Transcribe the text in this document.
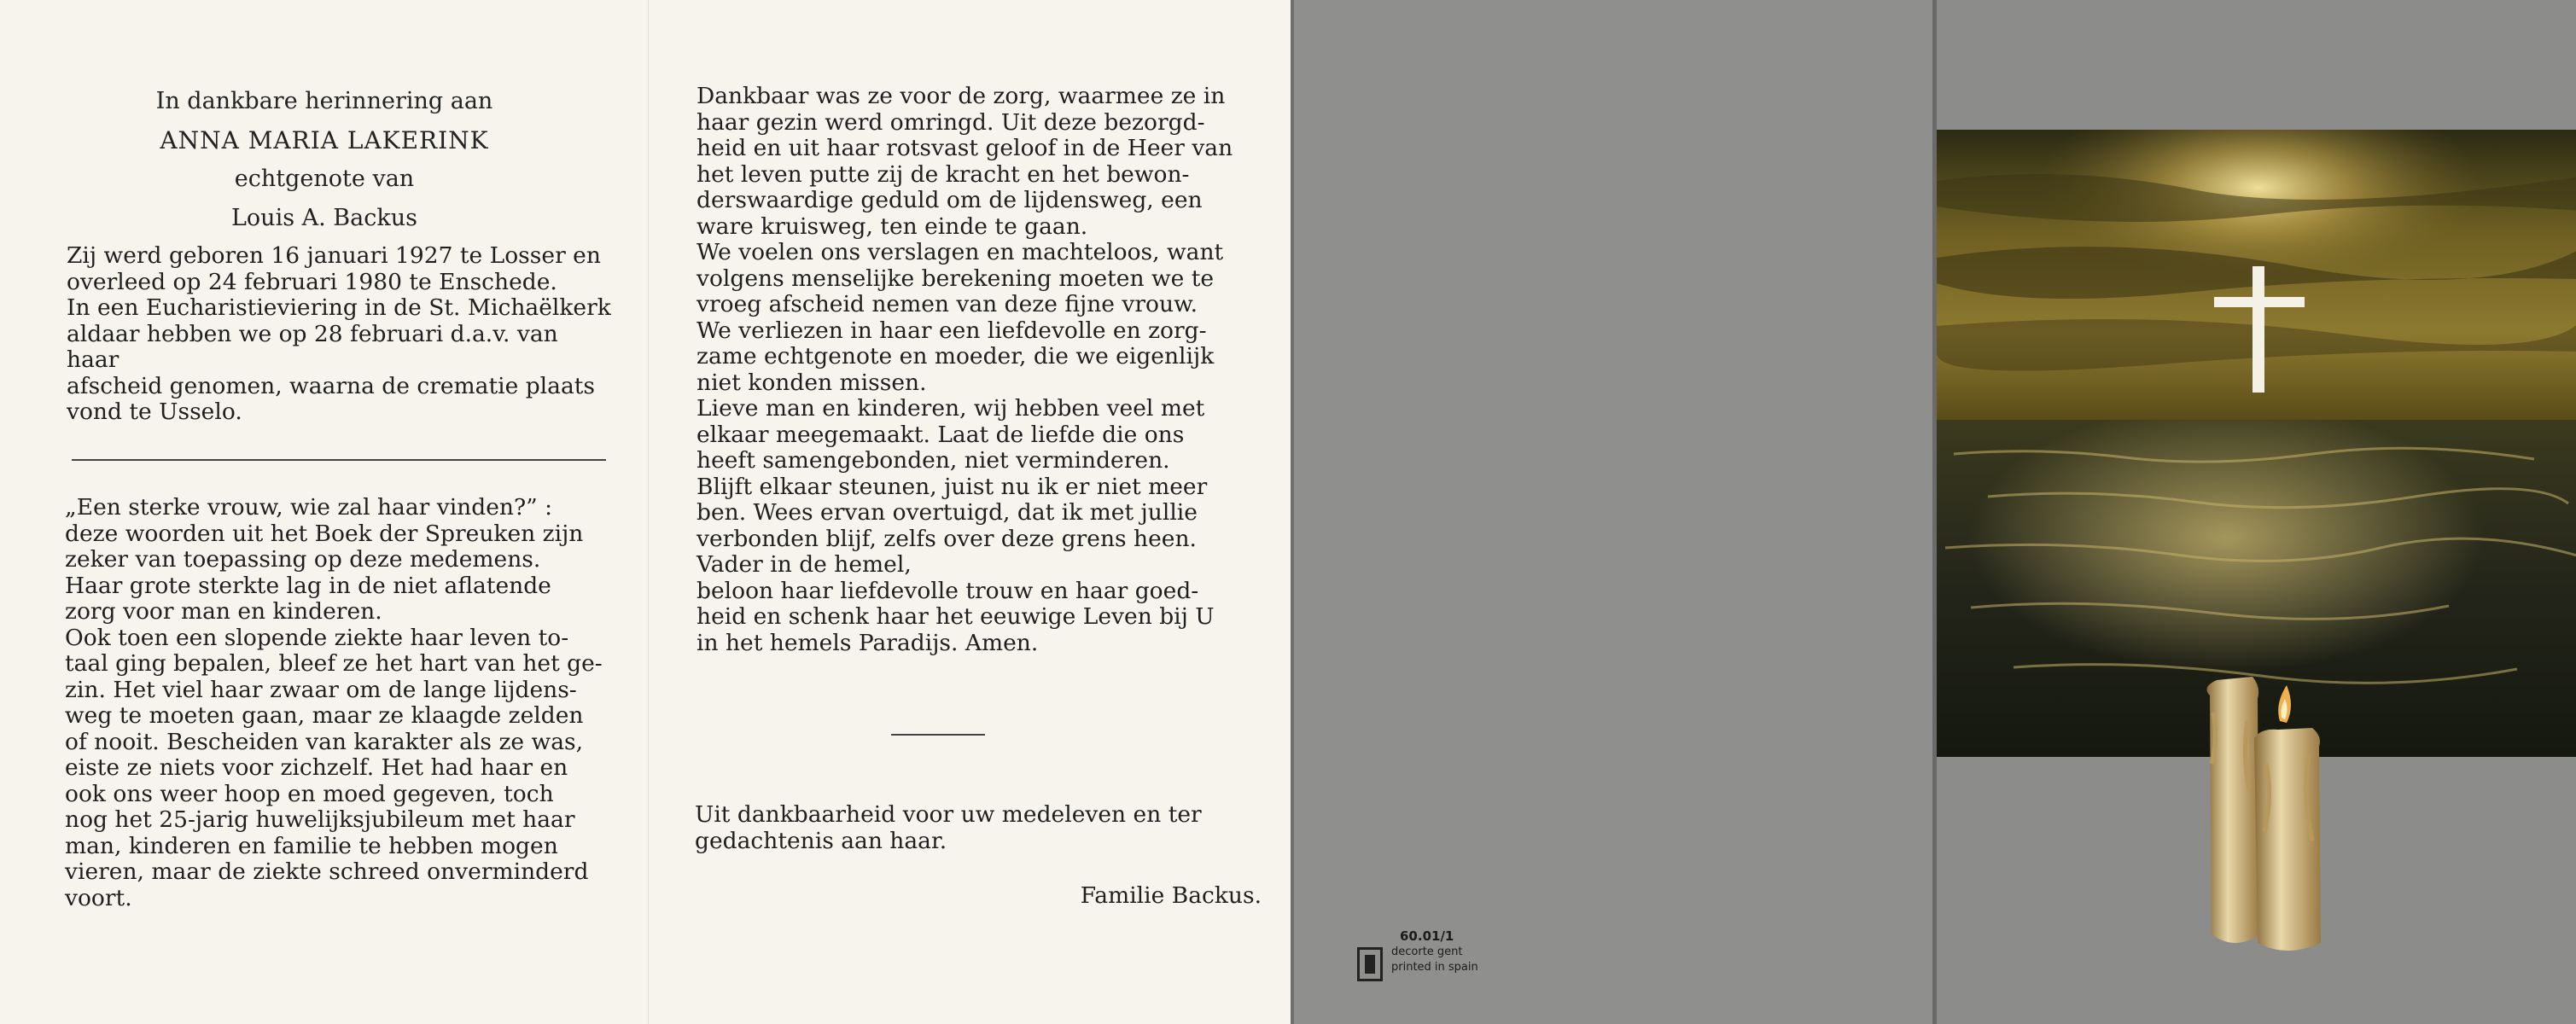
In dankbare herinnering aan
ANNA MARIA LAKERINK
echtgenote van
Louis A. Backus

Zij werd geboren 16 januari 1927 te Losser en
overleed op 24 februari 1980 te Enschede.
In een Eucharistieviering in de St. Michaëlkerk
aldaar hebben we op 28 februari d.a.v. van haar
afscheid genomen, waarna de crematie plaats
vond te Usselo.

„Een sterke vrouw, wie zal haar vinden?” :
deze woorden uit het Boek der Spreuken zijn
zeker van toepassing op deze medemens.
Haar grote sterkte lag in de niet aflatende
zorg voor man en kinderen.
Ook toen een slopende ziekte haar leven to-
taal ging bepalen, bleef ze het hart van het ge-
zin. Het viel haar zwaar om de lange lijdens-
weg te moeten gaan, maar ze klaagde zelden
of nooit. Bescheiden van karakter als ze was,
eiste ze niets voor zichzelf. Het had haar en
ook ons weer hoop en moed gegeven, toch
nog het 25-jarig huwelijksjubileum met haar
man, kinderen en familie te hebben mogen
vieren, maar de ziekte schreed onverminderd
voort.

Dankbaar was ze voor de zorg, waarmee ze in
haar gezin werd omringd. Uit deze bezorgd-
heid en uit haar rotsvast geloof in de Heer van
het leven putte zij de kracht en het bewon-
derswaardige geduld om de lijdensweg, een
ware kruisweg, ten einde te gaan.
We voelen ons verslagen en machteloos, want
volgens menselijke berekening moeten we te
vroeg afscheid nemen van deze fijne vrouw.
We verliezen in haar een liefdevolle en zorg-
zame echtgenote en moeder, die we eigenlijk
niet konden missen.
Lieve man en kinderen, wij hebben veel met
elkaar meegemaakt. Laat de liefde die ons
heeft samengebonden, niet verminderen.
Blijft elkaar steunen, juist nu ik er niet meer
ben. Wees ervan overtuigd, dat ik met jullie
verbonden blijf, zelfs over deze grens heen.
Vader in de hemel,
beloon haar liefdevolle trouw en haar goed-
heid en schenk haar het eeuwige Leven bij U
in het hemels Paradijs. Amen.

Uit dankbaarheid voor uw medeleven en ter
gedachtenis aan haar.

Familie Backus.

60.01/1
decorte gent
printed in spain
